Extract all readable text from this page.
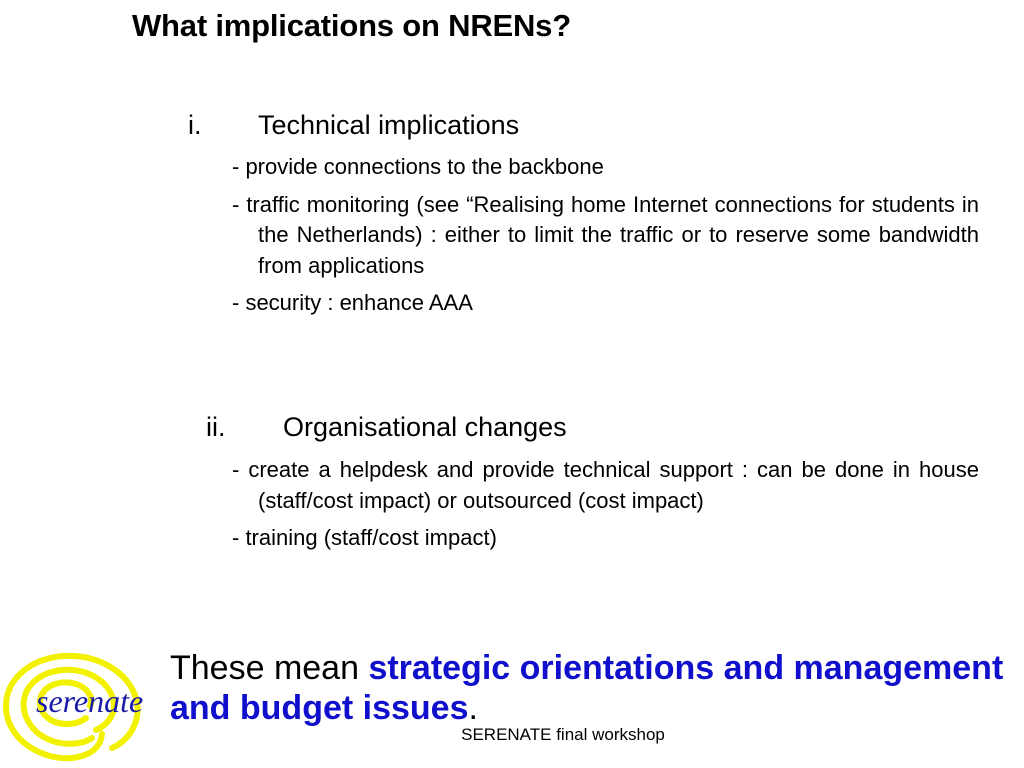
What implications on NRENs?
i. Technical implications
- provide connections to the backbone
- traffic monitoring (see “Realising home Internet connections for students in the Netherlands) : either to limit the traffic or to reserve some bandwidth from applications
- security : enhance AAA
ii. Organisational changes
- create a helpdesk and provide technical support : can be done in house (staff/cost impact) or outsourced (cost impact)
- training (staff/cost impact)
These mean strategic orientations and management and budget issues.
serenate
SERENATE final workshop
